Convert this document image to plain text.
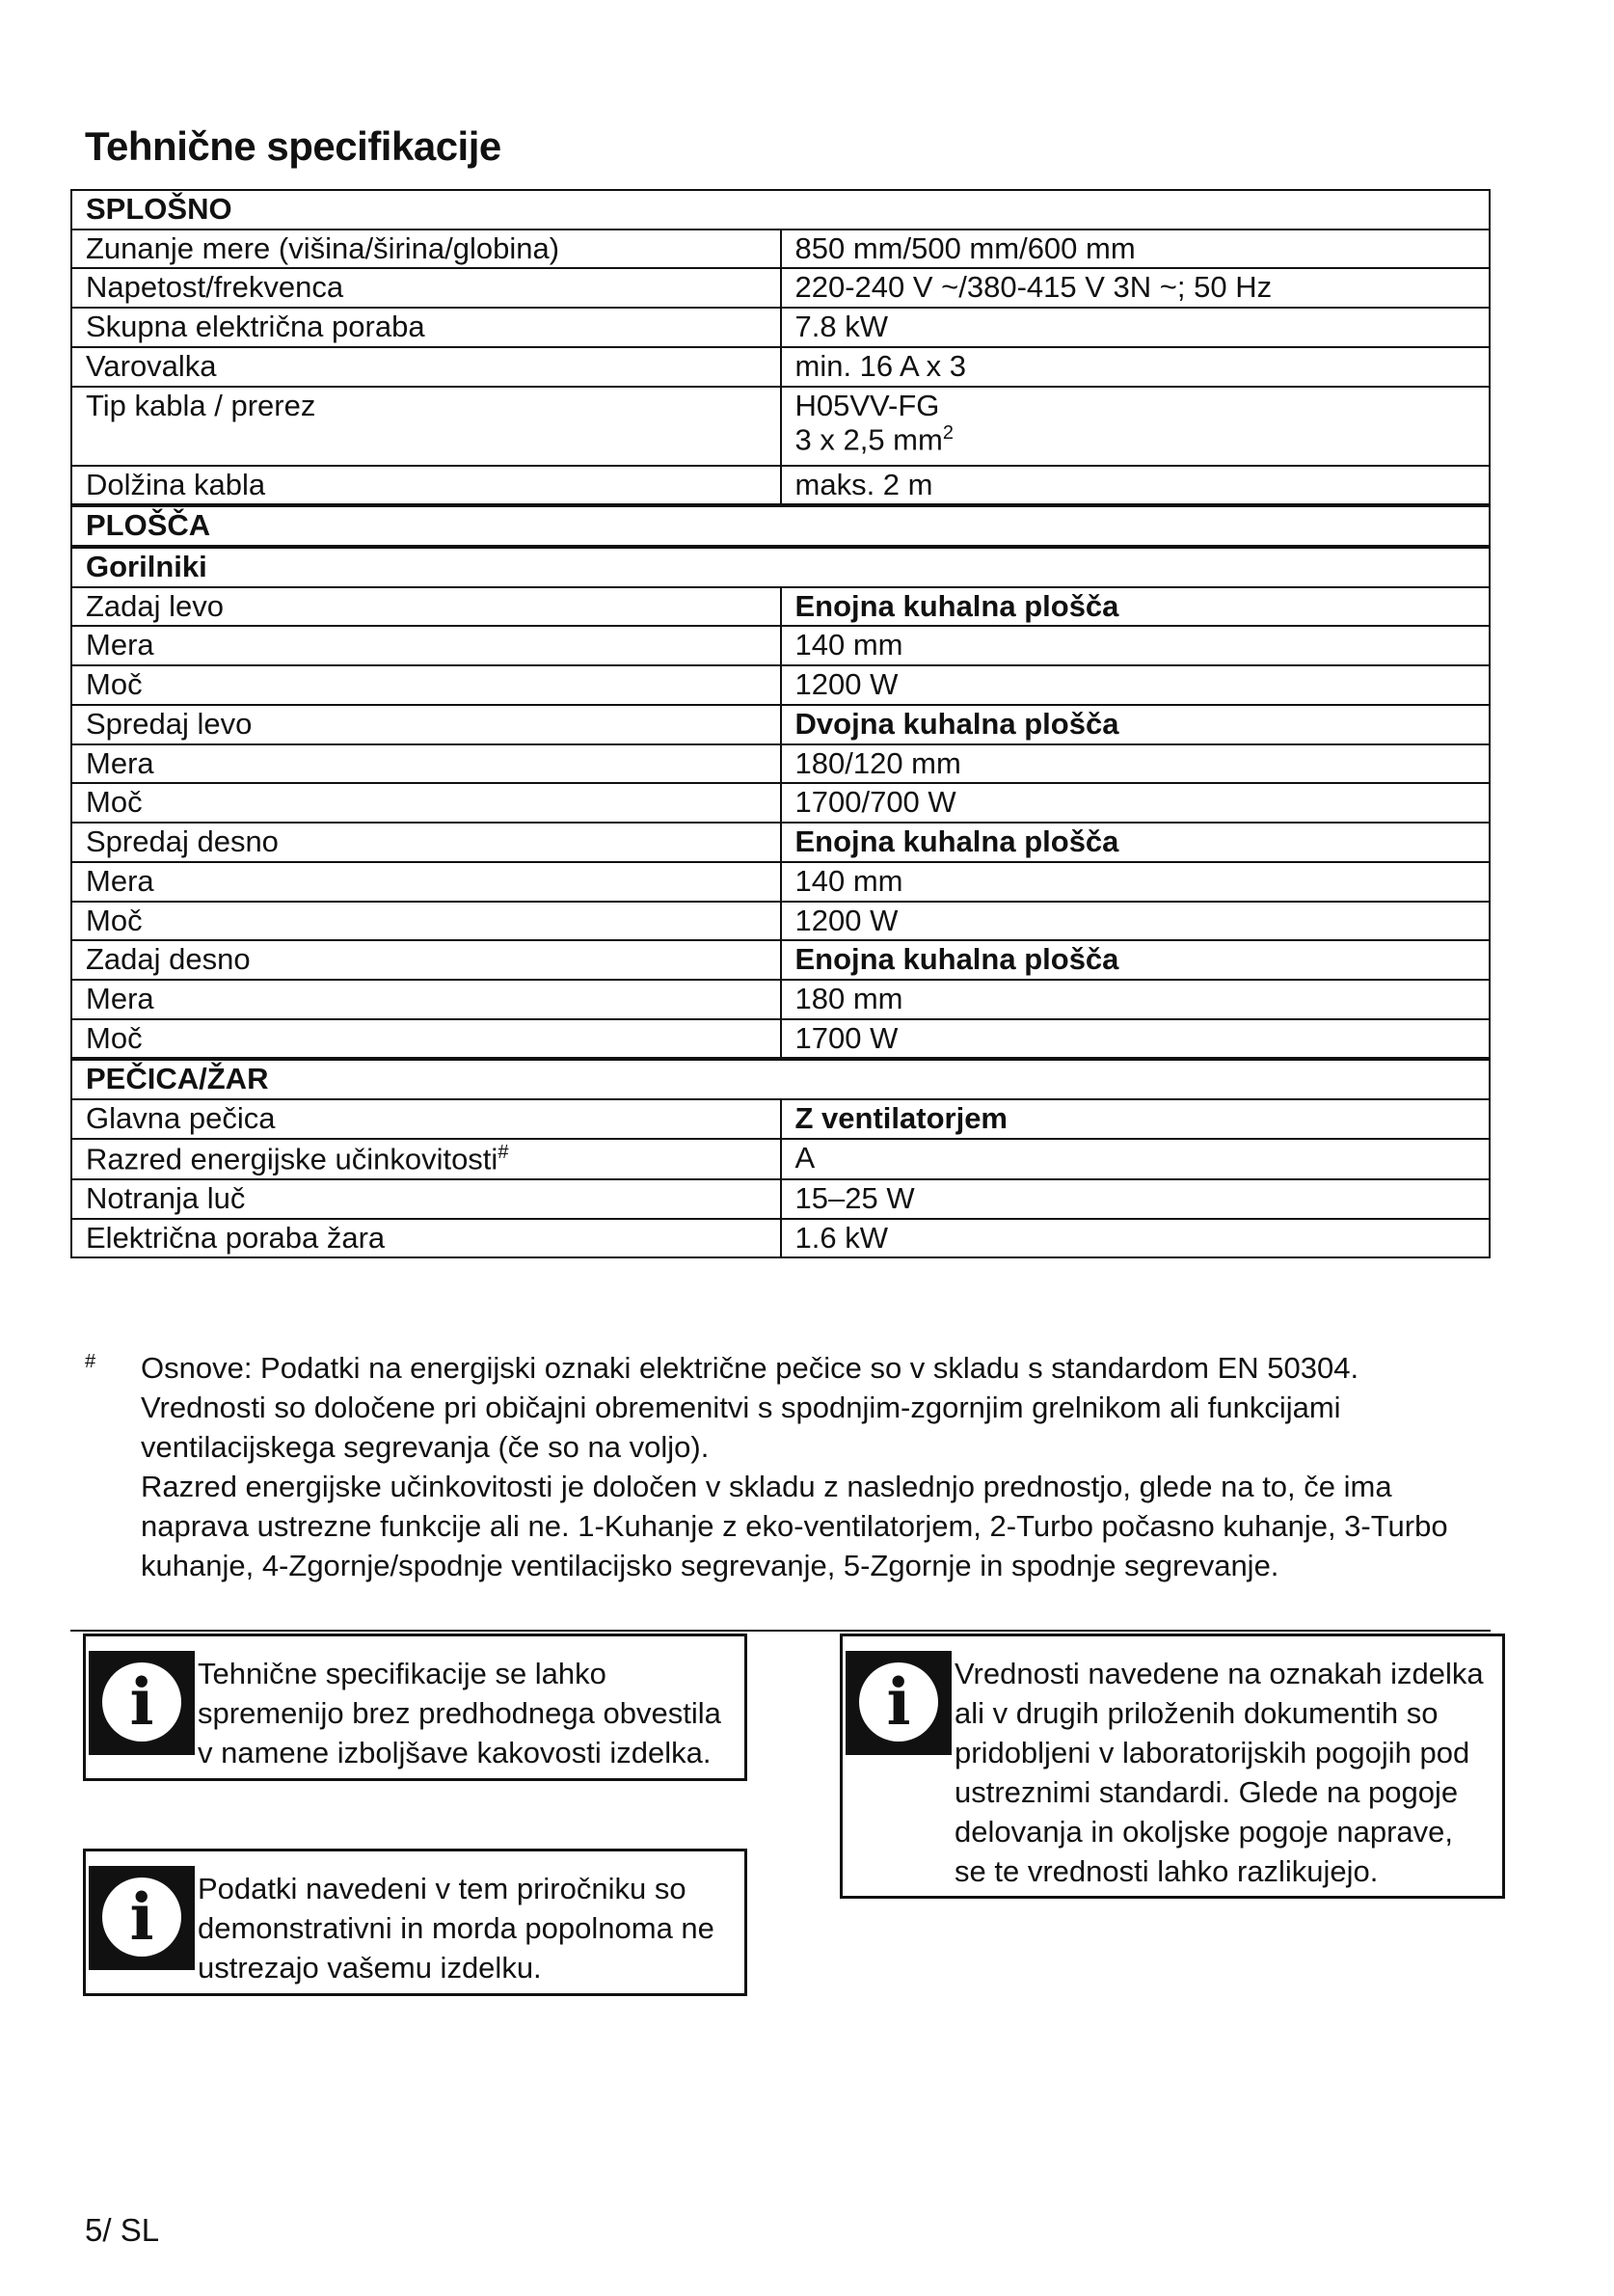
Tehnične specifikacije
SPLOŠNO	
Zunanje mere (višina/širina/globina)	850 mm/500 mm/600 mm
Napetost/frekvenca	220-240 V ~/380-415 V 3N ~; 50 Hz
Skupna električna poraba	7.8 kW
Varovalka	min. 16 A x 3
Tip kabla / prerez	H05VV-FG
3 x 2,5 $mm^2$

Dolžina kabla	maks. 2 m
PLOŠČA	
Gorilniki	
Zadaj levo	Enojna kuhalna plošča
Mera	140 mm
Moč	1200 W
Spredaj levo	Dvojna kuhalna plošča
Mera	180/120 mm
Moč	1700/700 W
Spredaj desno	Enojna kuhalna plošča
Mera	140 mm
Moč	1200 W
Zadaj desno	Enojna kuhalna plošča
Mera	180 mm
Moč	1700 W
PEČICA/ŽAR	
Glavna pečica	Z ventilatorjem
Razred energijske učinkovitosti#	A
Notranja luč	15–25 W
Električna poraba žara	1.6 kW
# Osnove: Podatki na energijski oznaki električne pečice so v skladu s standardom EN 50304. Vrednosti so določene pri običajni obremenitvi s spodnjim-zgornjim grelnikom ali funkcijami ventilacijskega segrevanja (če so na voljo).
Razred energijske učinkovitosti je določen v skladu z naslednjo prednostjo, glede na to, če ima naprava ustrezne funkcije ali ne. 1-Kuhanje z eko-ventilatorjem, 2-Turbo počasno kuhanje, 3-Turbo kuhanje, 4-Zgornje/spodnje ventilacijsko segrevanje, 5-Zgornje in spodnje segrevanje.
i	Tehnične specifikacije se lahko spremenijo brez predhodnega obvestila v namene izboljšave kakovosti izdelka.
i	Podatki navedeni v tem priročniku so demonstrativni in morda popolnoma ne ustrezajo vašemu izdelku.
i	Vrednosti navedene na oznakah izdelka ali v drugih priloženih dokumentih so pridobljeni v laboratorijskih pogojih pod ustreznimi standardi. Glede na pogoje delovanja in okoljske pogoje naprave, se te vrednosti lahko razlikujejo.
5/ SL
